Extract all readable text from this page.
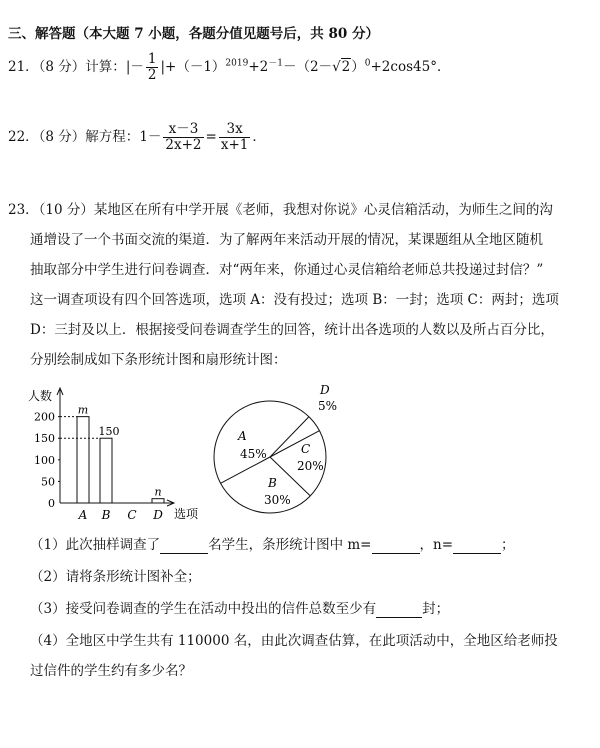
三、解答题（本大题 7 小题，各题分值见题号后，共 80 分）
21．（8 分）计算：|－ $\frac{1}{2} |+(-1)^{2019}+2^{-1}-(2-√2)^0+2\cos 45^\circ$．
22．（8 分）解方程：$1- \frac{x-3}{2x+2} = \frac{3x}{x+1}$ ．
23．（10 分）某地区在所有中学开展《老师，我想对你说》心灵信箱活动，为师生之间的沟
通增设了一个书面交流的渠道．为了解两年来活动开展的情况，某课题组从全地区随机
抽取部分中学生进行问卷调查．对“两年来，你通过心灵信箱给老师总共投递过封信？”
这一调查项设有四个回答选项，选项 A：没有投过；选项 B：一封；选项 C：两封；选项
D：三封及以上．根据接受问卷调查学生的回答，统计出各选项的人数以及所占百分比，
分别绘制成如下条形统计图和扇形统计图：
人数
选项
0
50
100
150
200
A
m
B
150
C D
n
A
45%
B
30%
C
20%
D
5%
（1）此次抽样调查了	名学生，条形统计图中 m=	，n=	；
（2）请将条形统计图补全；
（3）接受问卷调查的学生在活动中投出的信件总数至少有	封；
（4）全地区中学生共有 110000 名，由此次调查估算，在此项活动中，全地区给老师投
过信件的学生约有多少名？
